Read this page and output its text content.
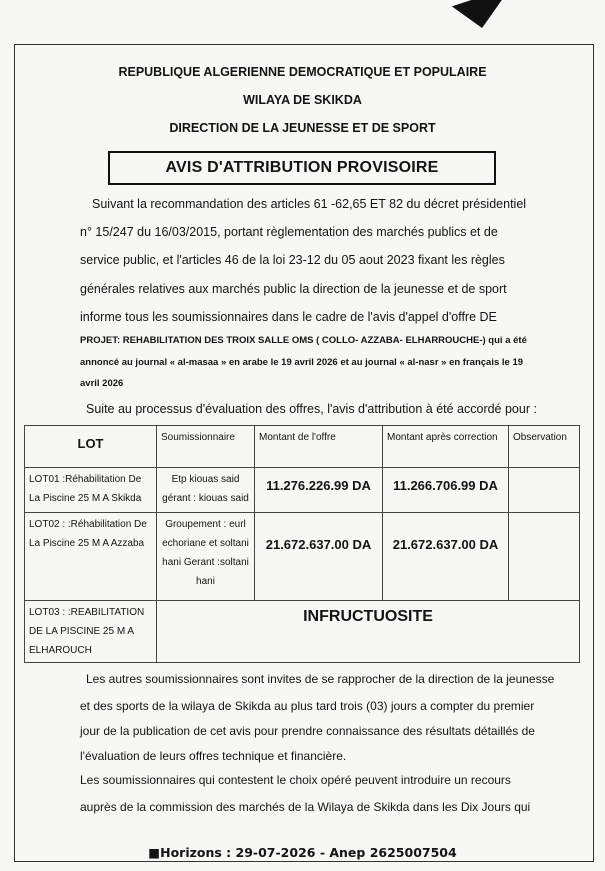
REPUBLIQUE ALGERIENNE DEMOCRATIQUE ET POPULAIRE
WILAYA DE SKIKDA
DIRECTION DE LA JEUNESSE ET DE SPORT
AVIS D'ATTRIBUTION PROVISOIRE
Suivant la recommandation des articles 61 -62,65 ET 82 du décret présidentiel
n° 15/247 du 16/03/2015, portant règlementation des marchés publics et de
service public, et l'articles 46 de la loi 23-12 du 05 aout 2023 fixant les règles
générales relatives aux marchés public la direction de la jeunesse et de sport
informe tous les soumissionnaires dans le cadre de l'avis d'appel d'offre DE
PROJET: REHABILITATION DES TROIX SALLE OMS ( COLLO- AZZABA- ELHARROUCHE-) qui a été
annoncé au journal « al-masaa » en arabe le 19 avril 2026 et au journal « al-nasr » en français le 19
avril 2026
Suite au processus d'évaluation des offres, l'avis d'attribution à été accordé pour :
LOT	Soumissionnaire	Montant de l'offre	Montant après correction	Observation
LOT01 :Réhabilitation De La Piscine 25 M A Skikda	Etp kiouas said gérant : kiouas said	11.276.226.99 DA	11.266.706.99 DA	
LOT02 : :Réhabilitation De La Piscine 25 M A Azzaba	Groupement : eurl echoriane et soltani hani Gerant :soltani hani	21.672.637.00 DA	21.672.637.00 DA	
LOT03 : :REABILITATION DE LA PISCINE 25 M A ELHAROUCH	INFRUCTUOSITE			
Les autres soumissionnaires sont invites de se rapprocher de la direction de la jeunesse
et des sports de la wilaya de Skikda au plus tard trois (03) jours a compter du premier
jour de la publication de cet avis pour prendre connaissance des résultats détaillés de
l'évaluation de leurs offres technique et financière.
Les soumissionnaires qui contestent le choix opéré peuvent introduire un recours
auprès de la commission des marchés de la Wilaya de Skikda dans les Dix Jours qui
■Horizons : 29-07-2026 - Anep 2625007504
